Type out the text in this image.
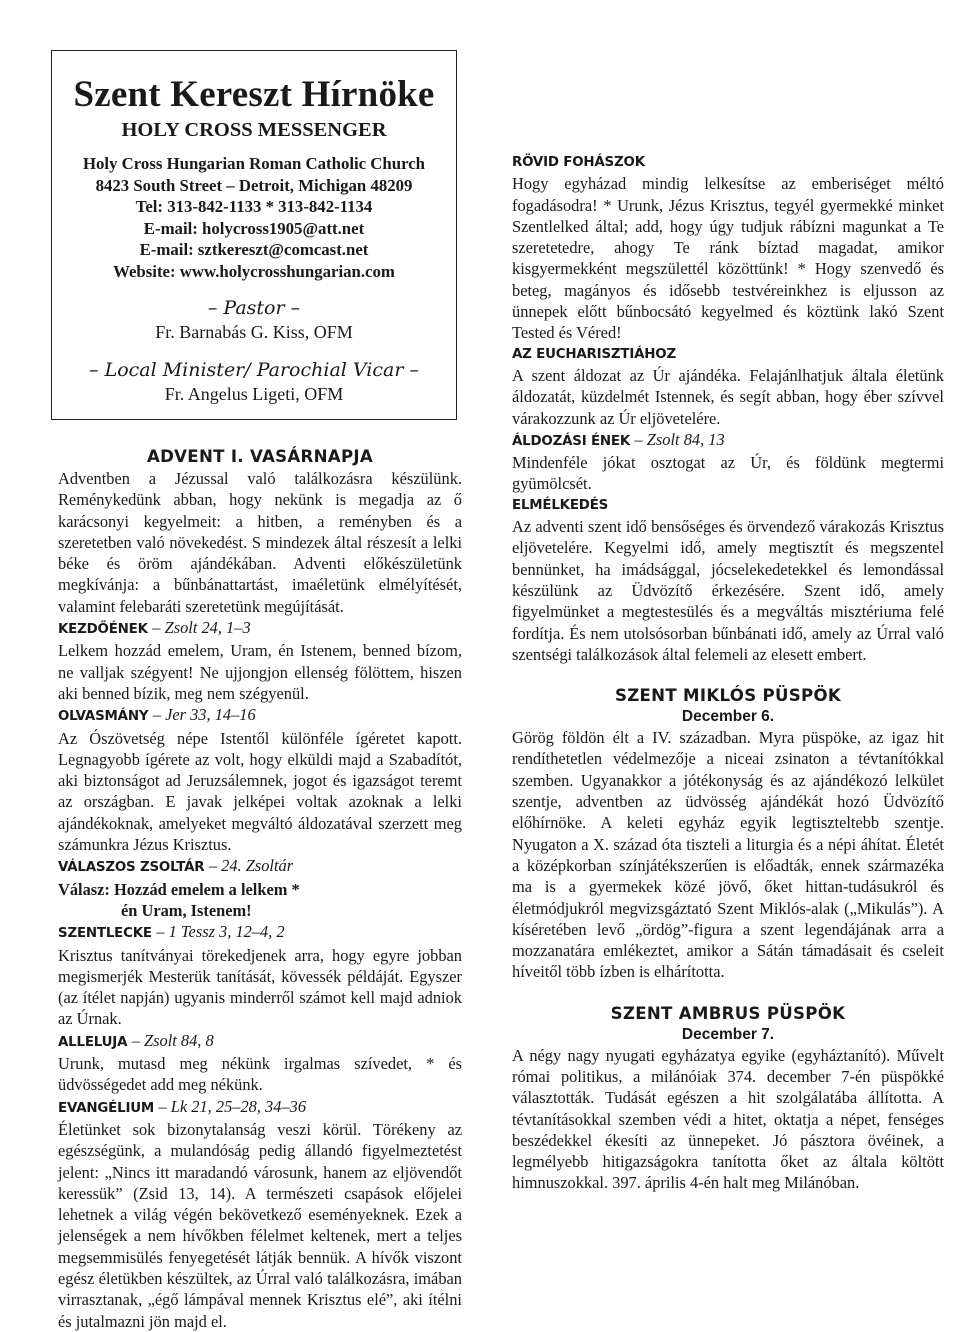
Szent Kereszt Hírnöke
HOLY CROSS MESSENGER
Holy Cross Hungarian Roman Catholic Church
8423 South Street – Detroit, Michigan 48209
Tel: 313-842-1133 * 313-842-1134
E-mail: holycross1905@att.net
E-mail: sztkereszt@comcast.net
Website: www.holycrosshungarian.com
– Pastor –
Fr. Barnabás G. Kiss, OFM
– Local Minister/ Parochial Vicar –
Fr. Angelus Ligeti, OFM
ADVENT I. VASÁRNAPJA

Adventben a Jézussal való találkozásra készülünk. Reménykedünk abban, hogy nekünk is megadja az ő karácsonyi kegyelmeit: a hitben, a reményben és a szeretetben való növekedést. S mindezek által részesít a lelki béke és öröm ajándékában. Adventi előkészületünk megkívánja: a bűnbánattartást, imaéletünk elmélyítését, valamint felebaráti szeretetünk megújítását.

KEZDŐÉNEK – Zsolt 24, 1–3

Lelkem hozzád emelem, Uram, én Istenem, benned bízom, ne valljak szégyent! Ne ujjongjon ellenség fölöttem, hiszen aki benned bízik, meg nem szégyenül.

OLVASMÁNY – Jer 33, 14–16

Az Ószövetség népe Istentől különféle ígéretet kapott. Legnagyobb ígérete az volt, hogy elküldi majd a Szabadítót, aki biztonságot ad Jeruzsálemnek, jogot és igazságot teremt az országban. E javak jelképei voltak azoknak a lelki ajándékoknak, amelyeket megváltó áldozatával szerzett meg számunkra Jézus Krisztus.

VÁLASZOS ZSOLTÁR – 24. Zsoltár

Válasz: Hozzád emelem a lelkem *
én Uram, Istenem!

SZENTLECKE – 1 Tessz 3, 12–4, 2

Krisztus tanítványai törekedjenek arra, hogy egyre jobban megismerjék Mesterük tanítását, kövessék példáját. Egyszer (az ítélet napján) ugyanis minderről számot kell majd adniok az Úrnak.

ALLELUJA – Zsolt 84, 8

Urunk, mutasd meg nékünk irgalmas szívedet, * és üdvösségedet add meg nékünk.

EVANGÉLIUM – Lk 21, 25–28, 34–36

Életünket sok bizonytalanság veszi körül. Törékeny az egészségünk, a mulandóság pedig állandó figyelmeztetést jelent: „Nincs itt maradandó városunk, hanem az eljövendőt keressük” (Zsid 13, 14). A természeti csapások előjelei lehetnek a világ végén bekövetkező eseményeknek. Ezek a jelenségek a nem hívőkben félelmet keltenek, mert a teljes megsemmisülés fenyegetését látják bennük. A hívők viszont egész életükben készültek, az Úrral való találkozásra, imában virrasztanak, „égő lámpával mennek Krisztus elé”, aki ítélni és jutalmazni jön majd el.

RÖVID FOHÁSZOK

Hogy egyházad mindig lelkesítse az emberiséget méltó fogadásodra! * Urunk, Jézus Krisztus, tegyél gyermekké minket Szentlelked által; add, hogy úgy tudjuk rábízni magunkat a Te szeretetedre, ahogy Te ránk bíztad magadat, amikor kisgyermekként megszülettél közöttünk! * Hogy szenvedő és beteg, magányos és idősebb testvéreinkhez is eljusson az ünnepek előtt bűnbocsátó kegyelmed és köztünk lakó Szent Tested és Véred!

AZ EUCHARISZTIÁHOZ

A szent áldozat az Úr ajándéka. Felajánlhatjuk általa életünk áldozatát, küzdelmét Istennek, és segít abban, hogy éber szívvel várakozzunk az Úr eljövetelére.

ÁLDOZÁSI ÉNEK – Zsolt 84, 13

Mindenféle jókat osztogat az Úr, és földünk megtermi gyümölcsét.

ELMÉLKEDÉS

Az adventi szent idő bensőséges és örvendező várakozás Krisztus eljövetelére. Kegyelmi idő, amely megtisztít és megszentel bennünket, ha imádsággal, jócselekedetekkel és lemondással készülünk az Üdvözítő érkezésére. Szent idő, amely figyelmünket a megtestesülés és a megváltás misztériuma felé fordítja. És nem utolsósorban bűnbánati idő, amely az Úrral való szentségi találkozások által felemeli az elesett embert.

SZENT MIKLÓS PÜSPÖK

December 6.

Görög földön élt a IV. században. Myra püspöke, az igaz hit rendíthetetlen védelmezője a niceai zsinaton a tévtanítókkal szemben. Ugyanakkor a jótékonyság és az ajándékozó lelkület szentje, adventben az üdvösség ajándékát hozó Üdvözítő előhírnöke. A keleti egyház egyik legtiszteltebb szentje. Nyugaton a X. század óta tiszteli a liturgia és a népi áhítat. Életét a középkorban színjátékszerűen is előadták, ennek származéka ma is a gyermekek közé jövő, őket hittan-tudásukról és életmódjukról megvizsgáztató Szent Miklós-alak („Mikulás”). A kíséretében levő „ördög”-figura a szent legendájának arra a mozzanatára emlékeztet, amikor a Sátán támadásait és cseleit híveitől több ízben is elhárította.

SZENT AMBRUS PÜSPÖK

December 7.

A négy nagy nyugati egyházatya egyike (egyháztanító). Művelt római politikus, a milánóiak 374. december 7-én püspökké választották. Tudását egészen a hit szolgálatába állította. A tévtanításokkal szemben védi a hitet, oktatja a népet, fenséges beszédekkel ékesíti az ünnepeket. Jó pásztora övéinek, a legmélyebb hitigazságokra tanította őket az általa költött himnuszokkal. 397. április 4-én halt meg Milánóban.
